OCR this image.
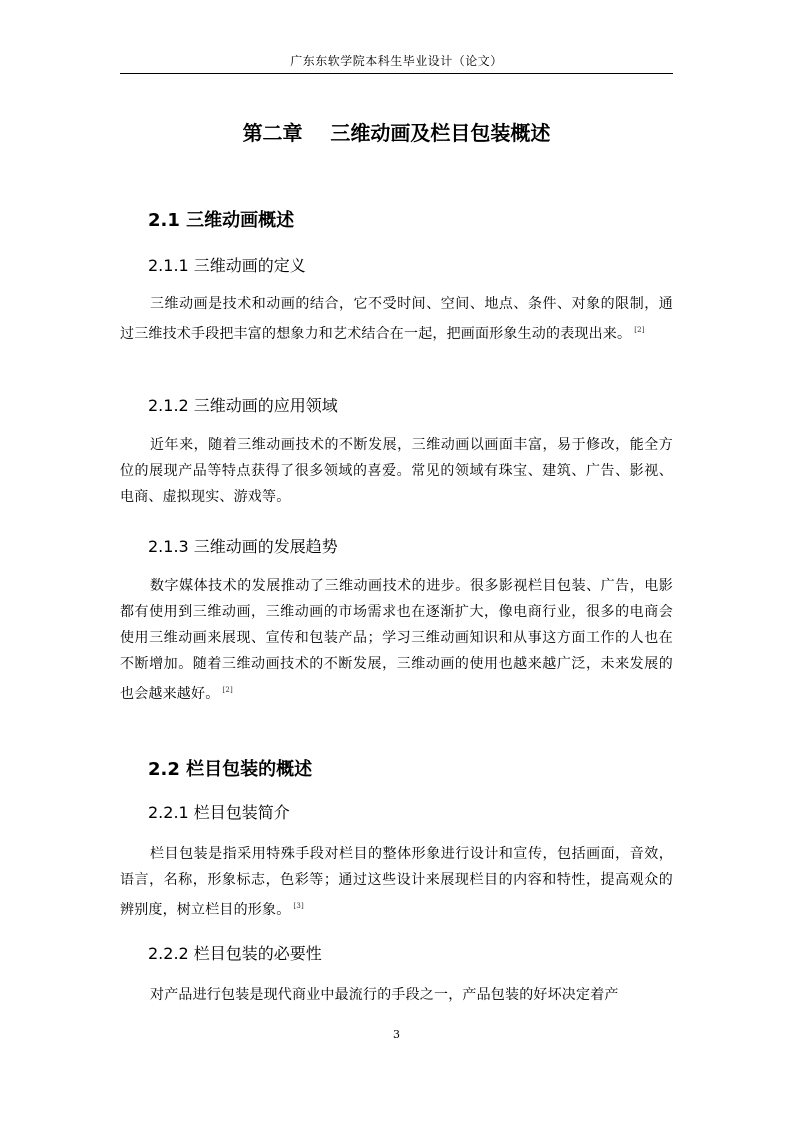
广东东软学院本科生毕业设计（论文）
第二章    三维动画及栏目包装概述
2.1 三维动画概述
2.1.1 三维动画的定义
三维动画是技术和动画的结合，它不受时间、空间、地点、条件、对象的限制，通过三维技术手段把丰富的想象力和艺术结合在一起，把画面形象生动的表现出来。 [2]
2.1.2 三维动画的应用领域
近年来，随着三维动画技术的不断发展，三维动画以画面丰富，易于修改，能全方位的展现产品等特点获得了很多领域的喜爱。常见的领域有珠宝、建筑、广告、影视、电商、虚拟现实、游戏等。
2.1.3 三维动画的发展趋势
数字媒体技术的发展推动了三维动画技术的进步。很多影视栏目包装、广告，电影都有使用到三维动画，三维动画的市场需求也在逐渐扩大，像电商行业，很多的电商会使用三维动画来展现、宣传和包装产品；学习三维动画知识和从事这方面工作的人也在不断增加。随着三维动画技术的不断发展，三维动画的使用也越来越广泛，未来发展的也会越来越好。 [2]
2.2 栏目包装的概述
2.2.1 栏目包装简介
栏目包装是指采用特殊手段对栏目的整体形象进行设计和宣传，包括画面，音效，语言，名称，形象标志，色彩等；通过这些设计来展现栏目的内容和特性，提高观众的辨别度，树立栏目的形象。 [3]
2.2.2 栏目包装的必要性
对产品进行包装是现代商业中最流行的手段之一，产品包装的好坏决定着产
3
